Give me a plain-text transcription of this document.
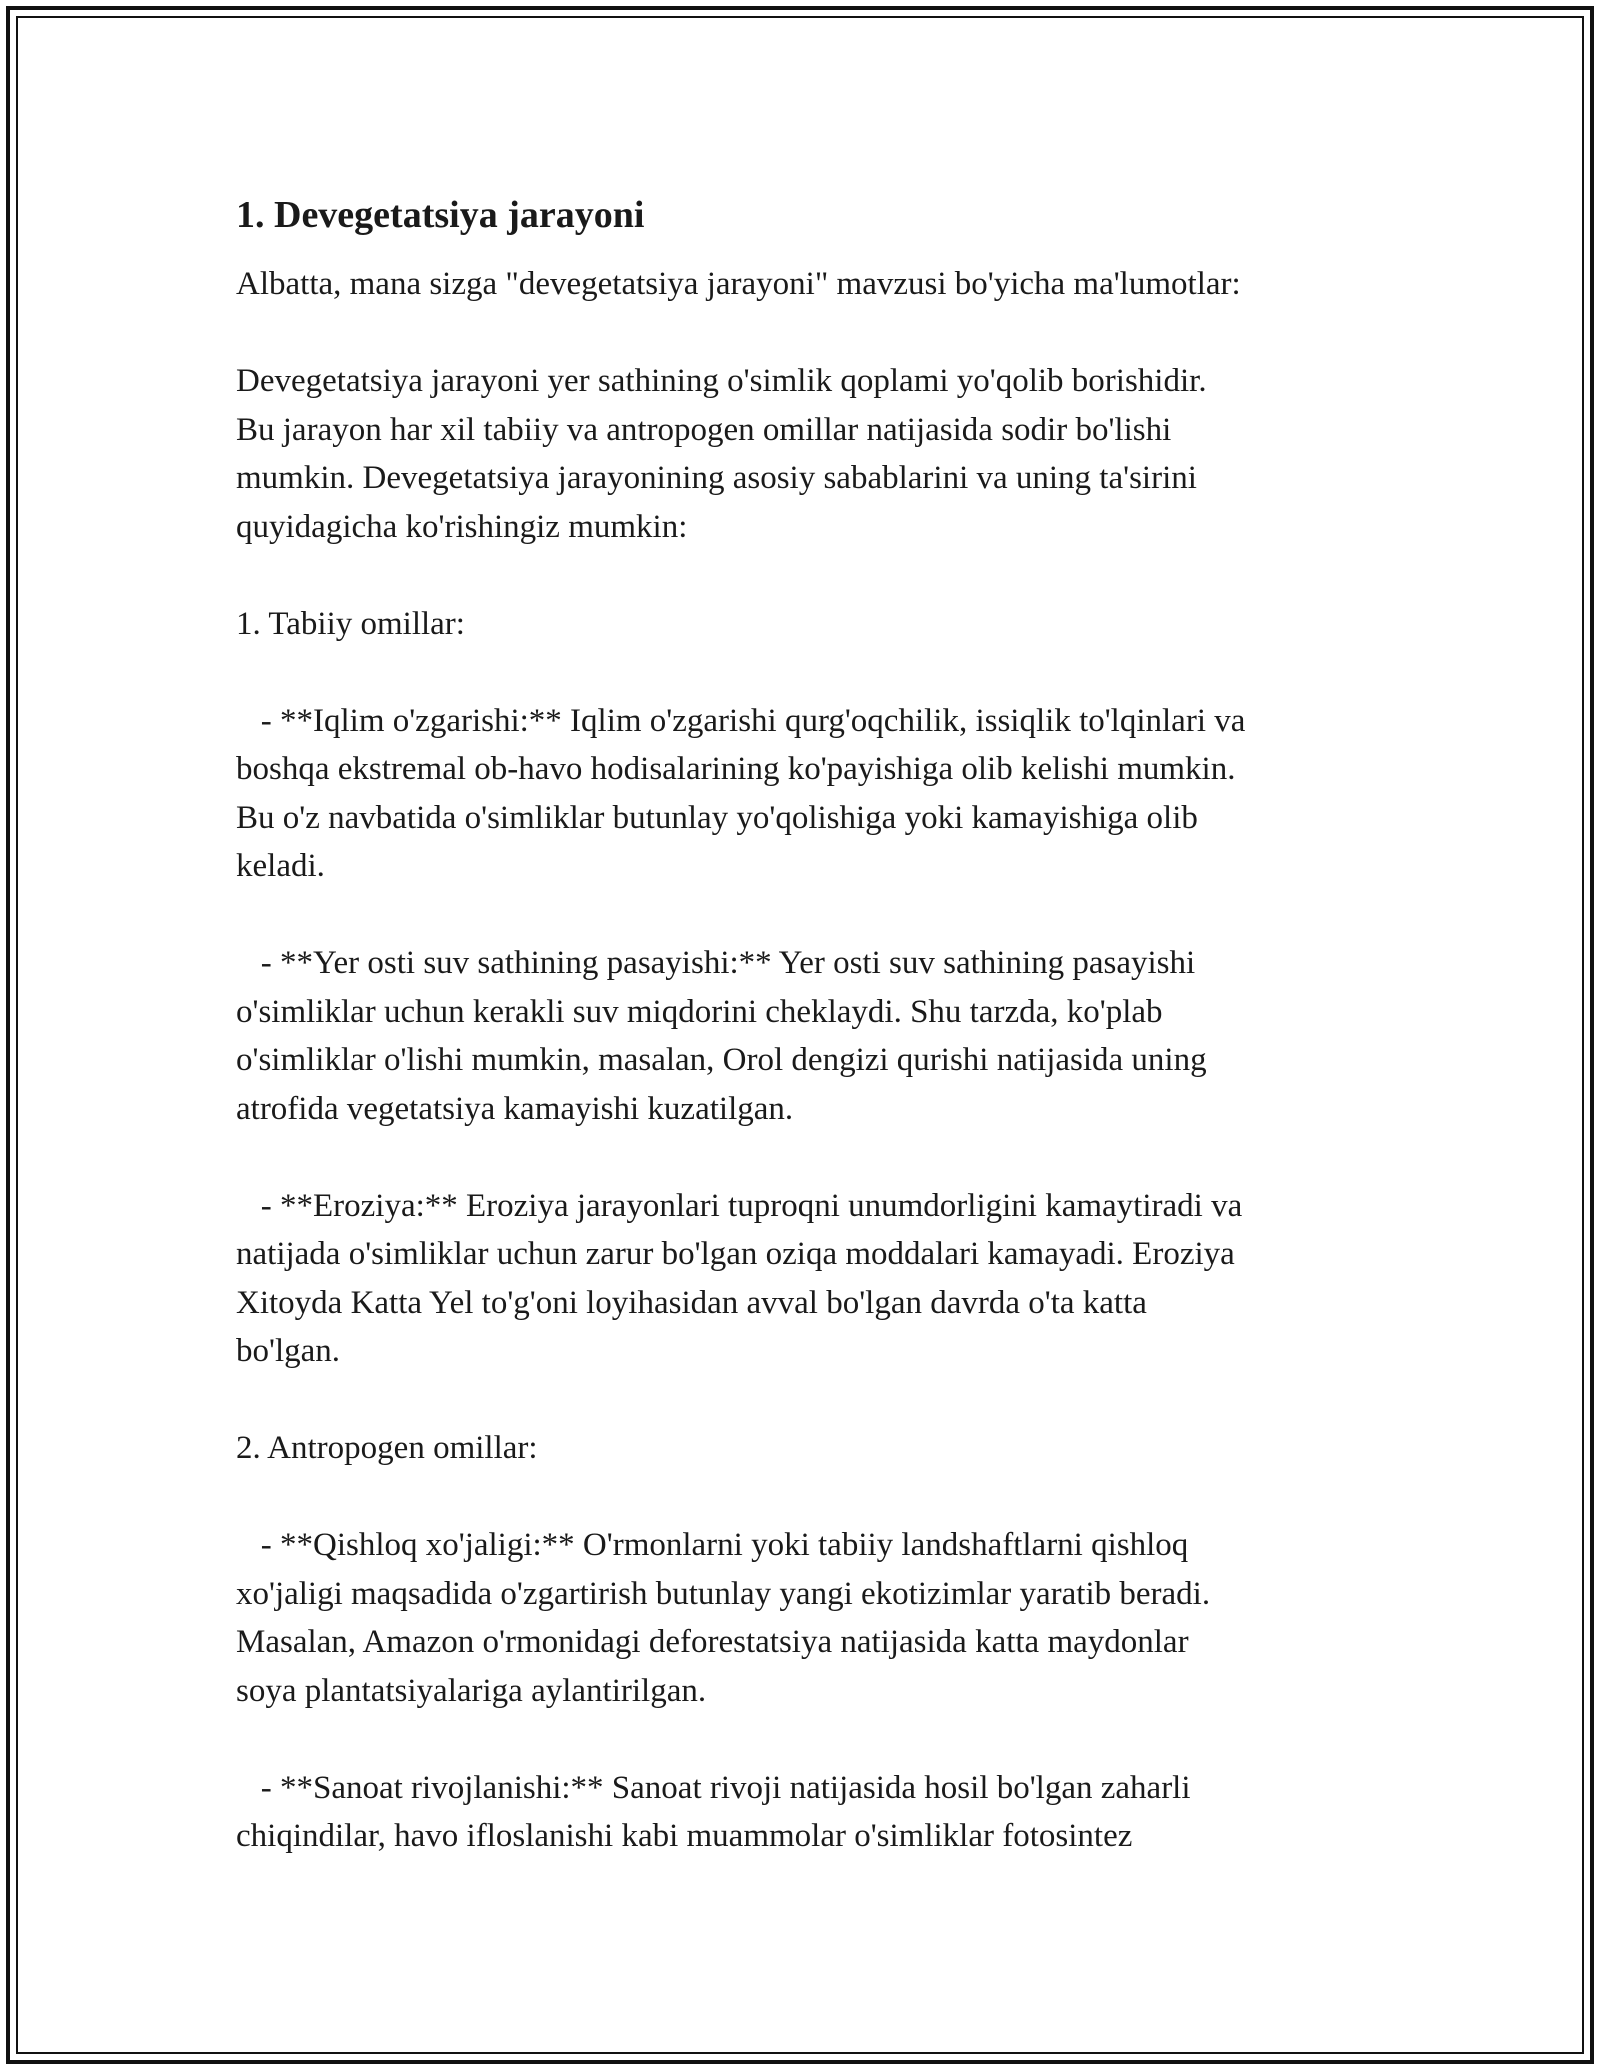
1. Devegetatsiya jarayoni

Albatta, mana sizga "devegetatsiya jarayoni" mavzusi bo'yicha ma'lumotlar:

Devegetatsiya jarayoni yer sathining o'simlik qoplami yo'qolib borishidir.
Bu jarayon har xil tabiiy va antropogen omillar natijasida sodir bo'lishi
mumkin. Devegetatsiya jarayonining asosiy sabablarini va uning ta'sirini
quyidagicha ko'rishingiz mumkin:

1. Tabiiy omillar:

- **Iqlim o'zgarishi:** Iqlim o'zgarishi qurg'oqchilik, issiqlik to'lqinlari va
boshqa ekstremal ob-havo hodisalarining ko'payishiga olib kelishi mumkin.
Bu o'z navbatida o'simliklar butunlay yo'qolishiga yoki kamayishiga olib
keladi.

- **Yer osti suv sathining pasayishi:** Yer osti suv sathining pasayishi
o'simliklar uchun kerakli suv miqdorini cheklaydi. Shu tarzda, ko'plab
o'simliklar o'lishi mumkin, masalan, Orol dengizi qurishi natijasida uning
atrofida vegetatsiya kamayishi kuzatilgan.

- **Eroziya:** Eroziya jarayonlari tuproqni unumdorligini kamaytiradi va
natijada o'simliklar uchun zarur bo'lgan oziqa moddalari kamayadi. Eroziya
Xitoyda Katta Yel to'g'oni loyihasidan avval bo'lgan davrda o'ta katta
bo'lgan.

2. Antropogen omillar:

- **Qishloq xo'jaligi:** O'rmonlarni yoki tabiiy landshaftlarni qishloq
xo'jaligi maqsadida o'zgartirish butunlay yangi ekotizimlar yaratib beradi.
Masalan, Amazon o'rmonidagi deforestatsiya natijasida katta maydonlar
soya plantatsiyalariga aylantirilgan.

- **Sanoat rivojlanishi:** Sanoat rivoji natijasida hosil bo'lgan zaharli
chiqindilar, havo ifloslanishi kabi muammolar o'simliklar fotosintez
